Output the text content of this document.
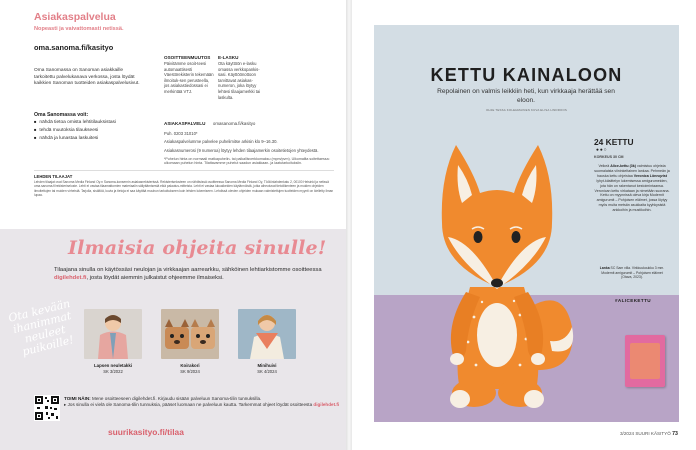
Asiakaspalvelua
Nopeasti ja vaivattomasti netissä.
oma.sanoma.fi/kasityo
Oma Sanomassa on Sanoman asiakkaille tarkoitettu palvelukanava verkossa, josta löydät kaikkien Sanoman tuotteiden asiakaspalvelusivut.
Oma Sanomassa voit:
■ nähdä tietoa omista lehtitilauksistasi
■ tehdä muutoksia tilaukseesi
■ nähdä ja lunastaa laskuitesi
OSOITTEENMUUTOS
Päivitämme osoit-teesi automaattisesti Väestörekisterin tekemään ilmoituk-sen perusteella, jos asiakastiedossasi ei merkintää VTJ.
E-LASKU
Ota käyttöön e-lasku omassa verkkopankis-sasi. Käyttöönottoon tarvittavat asiakas-numeron, joka löytyy lehtesi tilaajamerkki tai laskulta.
ASIAKASPALVELU omasanoma.fi/kasityo
Puh. 0203 31010*
Asiakaspalvelumme palvelee puhelimitse arkisin klo 9–16.30.
Asiakasnumerosi (9 numeroa) löytyy lehden tilaajamerkin osoitetietojen yhteydestä.
*Puhelun hinta on normaali matkapuhelin- tai paikallisverkkomaksu (mpm/pvm). Ulkomailta soitettaessa: ulkomaan puhelun hinta. Tilattavamme puhelut saadun asiakkaan- ja laatutarkoituksiin.
LEHDEN TILAAJAT
Lehden tilaajat ovat Sanoma Media Finland Oy:n Sanoma-konsernin asiakasrekisterissä. Rekisteriselosteen on nähtävissä osoitteessa Sanoma Media Finland Oy, Töölönlahdenkatu 2, 00100 Helsinki ja netissä oma.sanoma.fi/rekisteriseloste. Lehti ei vastaa tilaamattomien materiaalin säilyttämisestä eikä palautus-mitteista. Lehti ei vastaa lukuaikeiden käytännöistä, jotka aiheutuvat tietoliikenteen ja muiden ohjeiden ilmoitettujen tai muiden virheistä. Tarjolla, sisältöä, kuvia ja tietoja ei saa käyttää muuhun tarkoitukseen kuin lehden lukemiseen. Lehdissä olevien ohjeiden mukaan valmistettujen tuotteiden myynti on kielletty ilman lupaa.
Ilmaisia ohjeita sinulle!
Tilaajana sinulla on käytössäsi neulojan ja virkkaajan aarrearkku, sähköinen lehtiarkistomme osoitteessa digilehdet.fi, josta löydät aiemmin julkaistut ohjeemme ilmaiseksi.
Ota kevään ihanimmat neuleet puikoille!
Lapsen neuletakki
SK 3/2022
Koirakori
SK 9/2024
Minihuivi
SK 4/2024
TOIMI NÄIN: Mene osoitteeseen digilehdet.fi. Kirjaudu sisään palveluun Sanoma-tilin tunnuksilla.
▸ Jos sinulla ei vielä ole Sanoma-tilin tunnuksia, pääset luomaan ne palveluun kautta. Tarkemmat ohjeet löydät osoitteesta digilehdet.fi
suurikasityo.fi/tilaa
KETTU KAINALOON
Repolainen on valmis leikkiin heti, kun virkkaaja herättää sen eloon.
OHJE TESSA KOLEHMAINEN KUVA ELISA LINDROOS
24 KETTU
●●○
KORKEUS 30 CM
Veikeä Alice-kettu (3k) valmistuu ohjeista suomalaista viininkeltainen lankaa. Pehmeän ja hauska kettu ohjeistaa Veronica Lönnqvist lyhyt-käsittelyn lukemisessa amigurumeiden, jota hän on rakentanut kestoimintaansa. Veronican kettu virkataan ja nimetään suorana. Kettu on myynnissä oleva kirja Modernit amigurumit – Pohjoisen eläimet, jossa löytyy myös muita metsän asukkaita kyyhkysistä ankkoihin ja mustikoihin.
Lanka SC Sam villa. Virkkuukoukku 3 mm. Modernit amigurumit – Pohjoisen eläimet (Otava, 2023).
#ALICEKETTU
3/2024 SUURI KÄSITYÖ 73
